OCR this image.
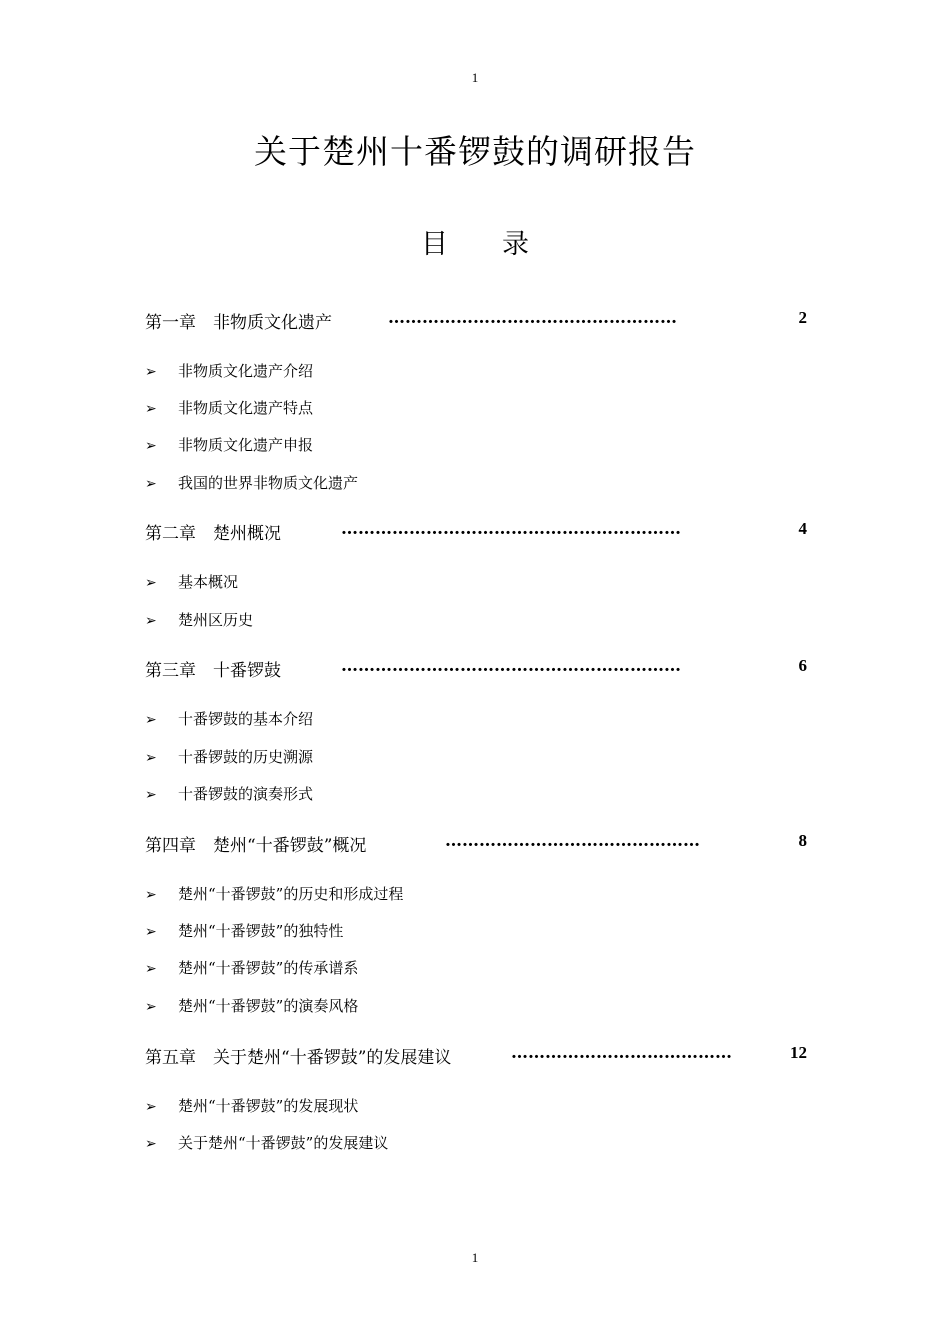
1
关于楚州十番锣鼓的调研报告
目 录
第一章　非物质文化遗产	……………………………………………	2
➢ 非物质文化遗产介绍
➢ 非物质文化遗产特点
➢ 非物质文化遗产申报
➢ 我国的世界非物质文化遗产
第二章　楚州概况	……………………………………………………	4
➢ 基本概况
➢ 楚州区历史
第三章　十番锣鼓	……………………………………………………	6
➢ 十番锣鼓的基本介绍
➢ 十番锣鼓的历史溯源
➢ 十番锣鼓的演奏形式
第四章　楚州“十番锣鼓”概况	………………………………………	8
➢ 楚州“十番锣鼓”的历史和形成过程
➢ 楚州“十番锣鼓”的独特性
➢ 楚州“十番锣鼓”的传承谱系
➢ 楚州“十番锣鼓”的演奏风格
第五章　关于楚州“十番锣鼓”的发展建议	…………………………………	12
➢ 楚州“十番锣鼓”的发展现状
➢ 关于楚州“十番锣鼓”的发展建议
1
